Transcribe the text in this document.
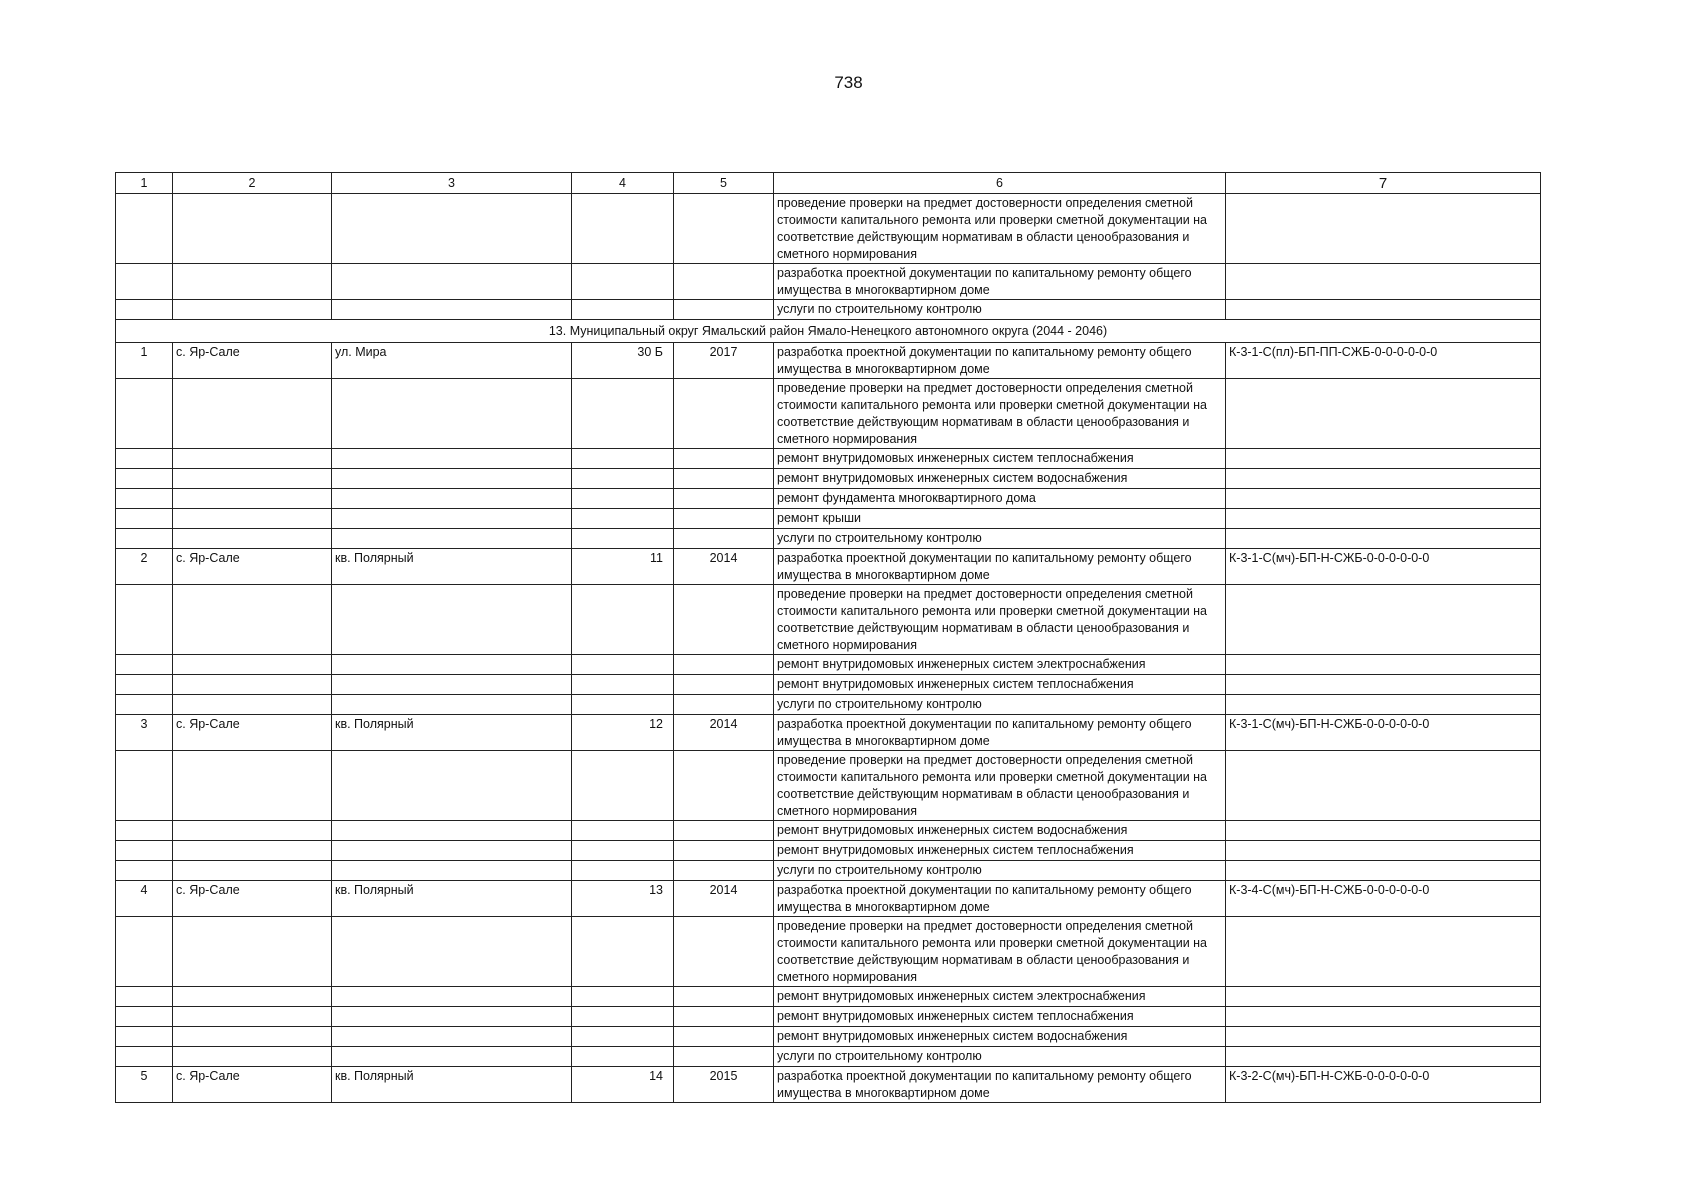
738
1	2	3	4	5	6	7
					проведение проверки на предмет достоверности определения сметной стоимости капитального ремонта или проверки сметной документации на соответствие действующим нормативам в области ценообразования и сметного нормирования	
					разработка проектной документации по капитальному ремонту общего имущества в многоквартирном доме	
					услуги по строительному контролю	
13. Муниципальный округ Ямальский район Ямало-Ненецкого автономного округа (2044 - 2046)						
1	с. Яр-Сале	ул. Мира	30 Б	2017	разработка проектной документации по капитальному ремонту общего имущества в многоквартирном доме	К-3-1-С(пл)-БП-ПП-СЖБ-0-0-0-0-0-0
					проведение проверки на предмет достоверности определения сметной стоимости капитального ремонта или проверки сметной документации на соответствие действующим нормативам в области ценообразования и сметного нормирования	
					ремонт внутридомовых инженерных систем теплоснабжения	
					ремонт внутридомовых инженерных систем водоснабжения	
					ремонт фундамента многоквартирного дома	
					ремонт крыши	
					услуги по строительному контролю	
2	с. Яр-Сале	кв. Полярный	11	2014	разработка проектной документации по капитальному ремонту общего имущества в многоквартирном доме	К-3-1-С(мч)-БП-Н-СЖБ-0-0-0-0-0-0
					проведение проверки на предмет достоверности определения сметной стоимости капитального ремонта или проверки сметной документации на соответствие действующим нормативам в области ценообразования и сметного нормирования	
					ремонт внутридомовых инженерных систем электроснабжения	
					ремонт внутридомовых инженерных систем теплоснабжения	
					услуги по строительному контролю	
3	с. Яр-Сале	кв. Полярный	12	2014	разработка проектной документации по капитальному ремонту общего имущества в многоквартирном доме	К-3-1-С(мч)-БП-Н-СЖБ-0-0-0-0-0-0
					проведение проверки на предмет достоверности определения сметной стоимости капитального ремонта или проверки сметной документации на соответствие действующим нормативам в области ценообразования и сметного нормирования	
					ремонт внутридомовых инженерных систем водоснабжения	
					ремонт внутридомовых инженерных систем теплоснабжения	
					услуги по строительному контролю	
4	с. Яр-Сале	кв. Полярный	13	2014	разработка проектной документации по капитальному ремонту общего имущества в многоквартирном доме	К-3-4-С(мч)-БП-Н-СЖБ-0-0-0-0-0-0
					проведение проверки на предмет достоверности определения сметной стоимости капитального ремонта или проверки сметной документации на соответствие действующим нормативам в области ценообразования и сметного нормирования	
					ремонт внутридомовых инженерных систем электроснабжения	
					ремонт внутридомовых инженерных систем теплоснабжения	
					ремонт внутридомовых инженерных систем водоснабжения	
					услуги по строительному контролю	
5	с. Яр-Сале	кв. Полярный	14	2015	разработка проектной документации по капитальному ремонту общего имущества в многоквартирном доме	К-3-2-С(мч)-БП-Н-СЖБ-0-0-0-0-0-0
